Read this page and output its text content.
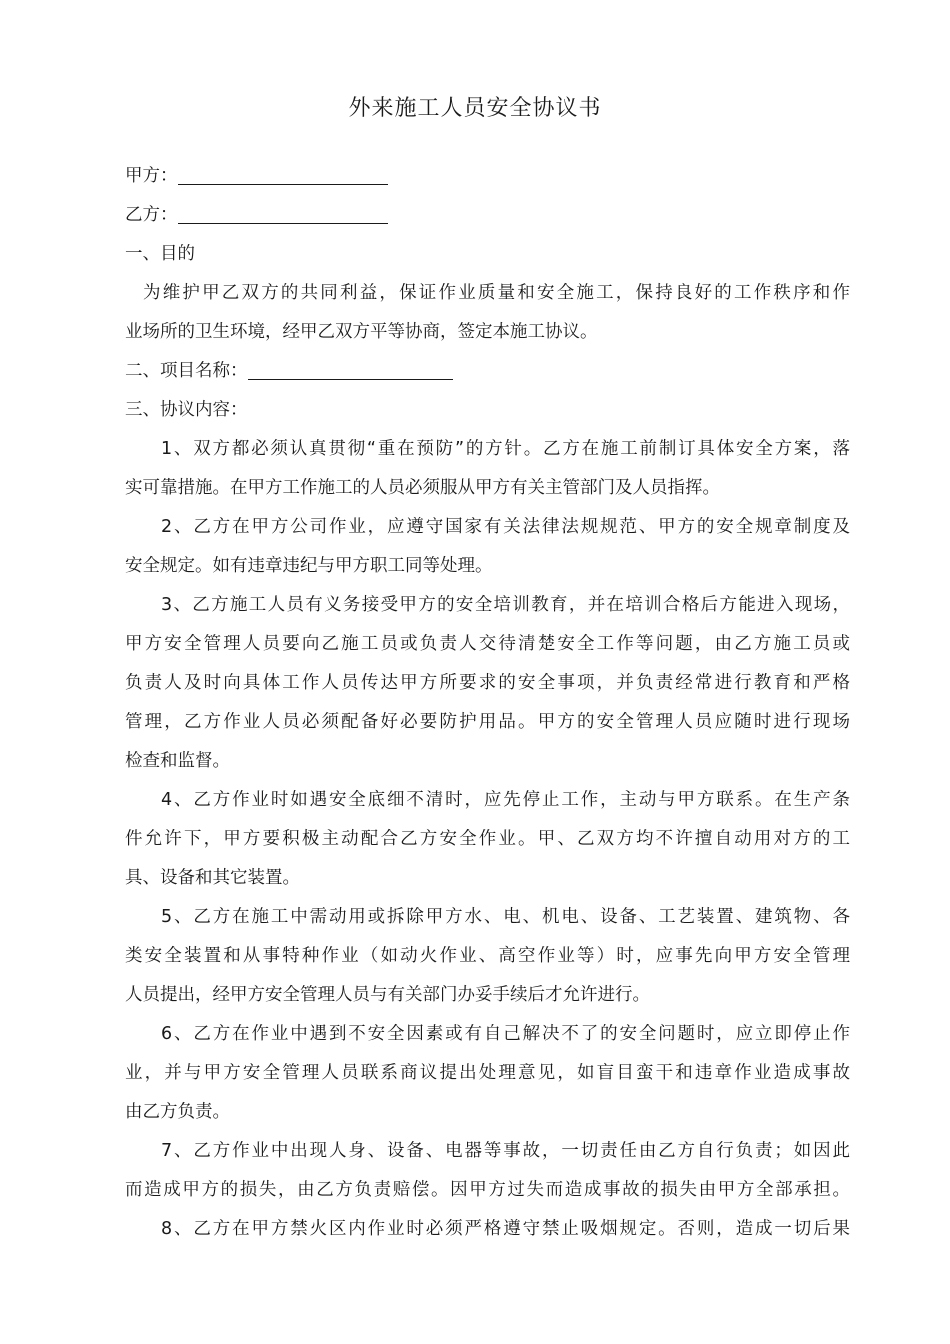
外来施工人员安全协议书
甲方：
乙方：
一、目的
为维护甲乙双方的共同利益，保证作业质量和安全施工，保持良好的工作秩序和作
业场所的卫生环境，经甲乙双方平等协商，签定本施工协议。
二、项目名称：
三、协议内容：
1、双方都必须认真贯彻“重在预防”的方针。乙方在施工前制订具体安全方案，落
实可靠措施。在甲方工作施工的人员必须服从甲方有关主管部门及人员指挥。
2、乙方在甲方公司作业，应遵守国家有关法律法规规范、甲方的安全规章制度及
安全规定。如有违章违纪与甲方职工同等处理。
3、乙方施工人员有义务接受甲方的安全培训教育，并在培训合格后方能进入现场，
甲方安全管理人员要向乙施工员或负责人交待清楚安全工作等问题，由乙方施工员或
负责人及时向具体工作人员传达甲方所要求的安全事项，并负责经常进行教育和严格
管理，乙方作业人员必须配备好必要防护用品。甲方的安全管理人员应随时进行现场
检查和监督。
4、乙方作业时如遇安全底细不清时，应先停止工作，主动与甲方联系。在生产条
件允许下，甲方要积极主动配合乙方安全作业。甲、乙双方均不许擅自动用对方的工
具、设备和其它装置。
5、乙方在施工中需动用或拆除甲方水、电、机电、设备、工艺装置、建筑物、各
类安全装置和从事特种作业（如动火作业、高空作业等）时，应事先向甲方安全管理
人员提出，经甲方安全管理人员与有关部门办妥手续后才允许进行。
6、乙方在作业中遇到不安全因素或有自己解决不了的安全问题时，应立即停止作
业，并与甲方安全管理人员联系商议提出处理意见，如盲目蛮干和违章作业造成事故
由乙方负责。
7、乙方作业中出现人身、设备、电器等事故，一切责任由乙方自行负责；如因此
而造成甲方的损失，由乙方负责赔偿。因甲方过失而造成事故的损失由甲方全部承担。
8、乙方在甲方禁火区内作业时必须严格遵守禁止吸烟规定。否则，造成一切后果
